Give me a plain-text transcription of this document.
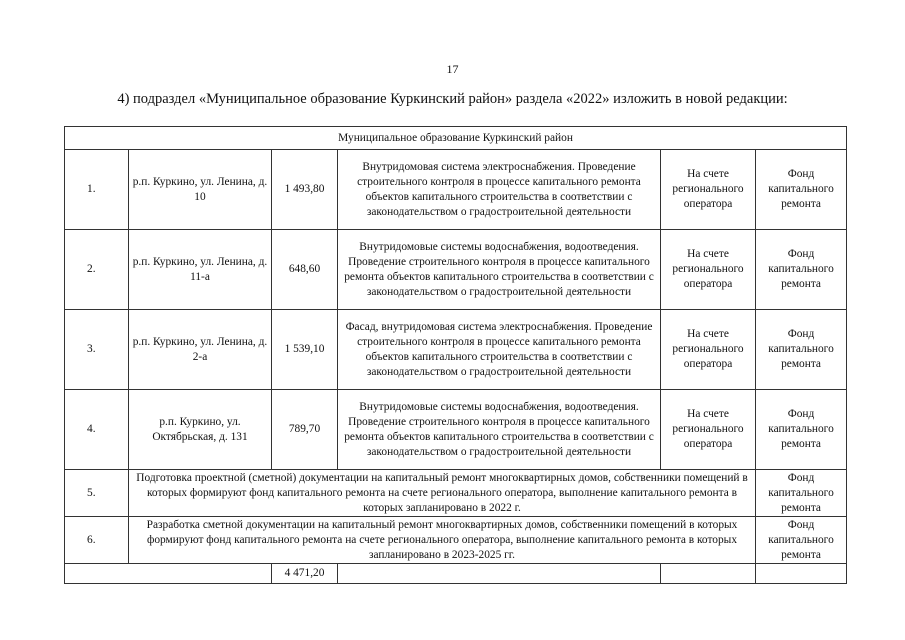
17
4) подраздел «Муниципальное образование Куркинский район» раздела «2022» изложить в новой редакции:
Муниципальное образование Куркинский район					
1.	р.п. Куркино, ул. Ленина, д. 10	1 493,80	Внутридомовая система электроснабжения. Проведение строительного контроля в процессе капитального ремонта объектов капитального строительства в соответствии с законодательством о градостроительной деятельности	На счете регионального оператора	Фонд капитального ремонта
2.	р.п. Куркино, ул. Ленина, д. 11-а	648,60	Внутридомовые системы водоснабжения, водоотведения. Проведение строительного контроля в процессе капитального ремонта объектов капитального строительства в соответствии с законодательством о градостроительной деятельности	На счете регионального оператора	Фонд капитального ремонта
3.	р.п. Куркино, ул. Ленина, д. 2-а	1 539,10	Фасад, внутридомовая система электроснабжения. Проведение строительного контроля в процессе капитального ремонта объектов капитального строительства в соответствии с законодательством о градостроительной деятельности	На счете регионального оператора	Фонд капитального ремонта
4.	р.п. Куркино, ул. Октябрьская, д. 131	789,70	Внутридомовые системы водоснабжения, водоотведения. Проведение строительного контроля в процессе капитального ремонта объектов капитального строительства в соответствии с законодательством о градостроительной деятельности	На счете регионального оператора	Фонд капитального ремонта
5.	Подготовка проектной (сметной) документации на капитальный ремонт многоквартирных домов, собственники помещений в которых формируют фонд капитального ремонта на счете регионального оператора, выполнение капитального ремонта в которых запланировано в 2022 г.				Фонд капитального ремонта
6.	Разработка сметной документации на капитальный ремонт многоквартирных домов, собственники помещений в которых формируют фонд капитального ремонта на счете регионального оператора, выполнение капитального ремонта в которых запланировано в 2023-2025 гг.				Фонд капитального ремонта
		4 471,20			
